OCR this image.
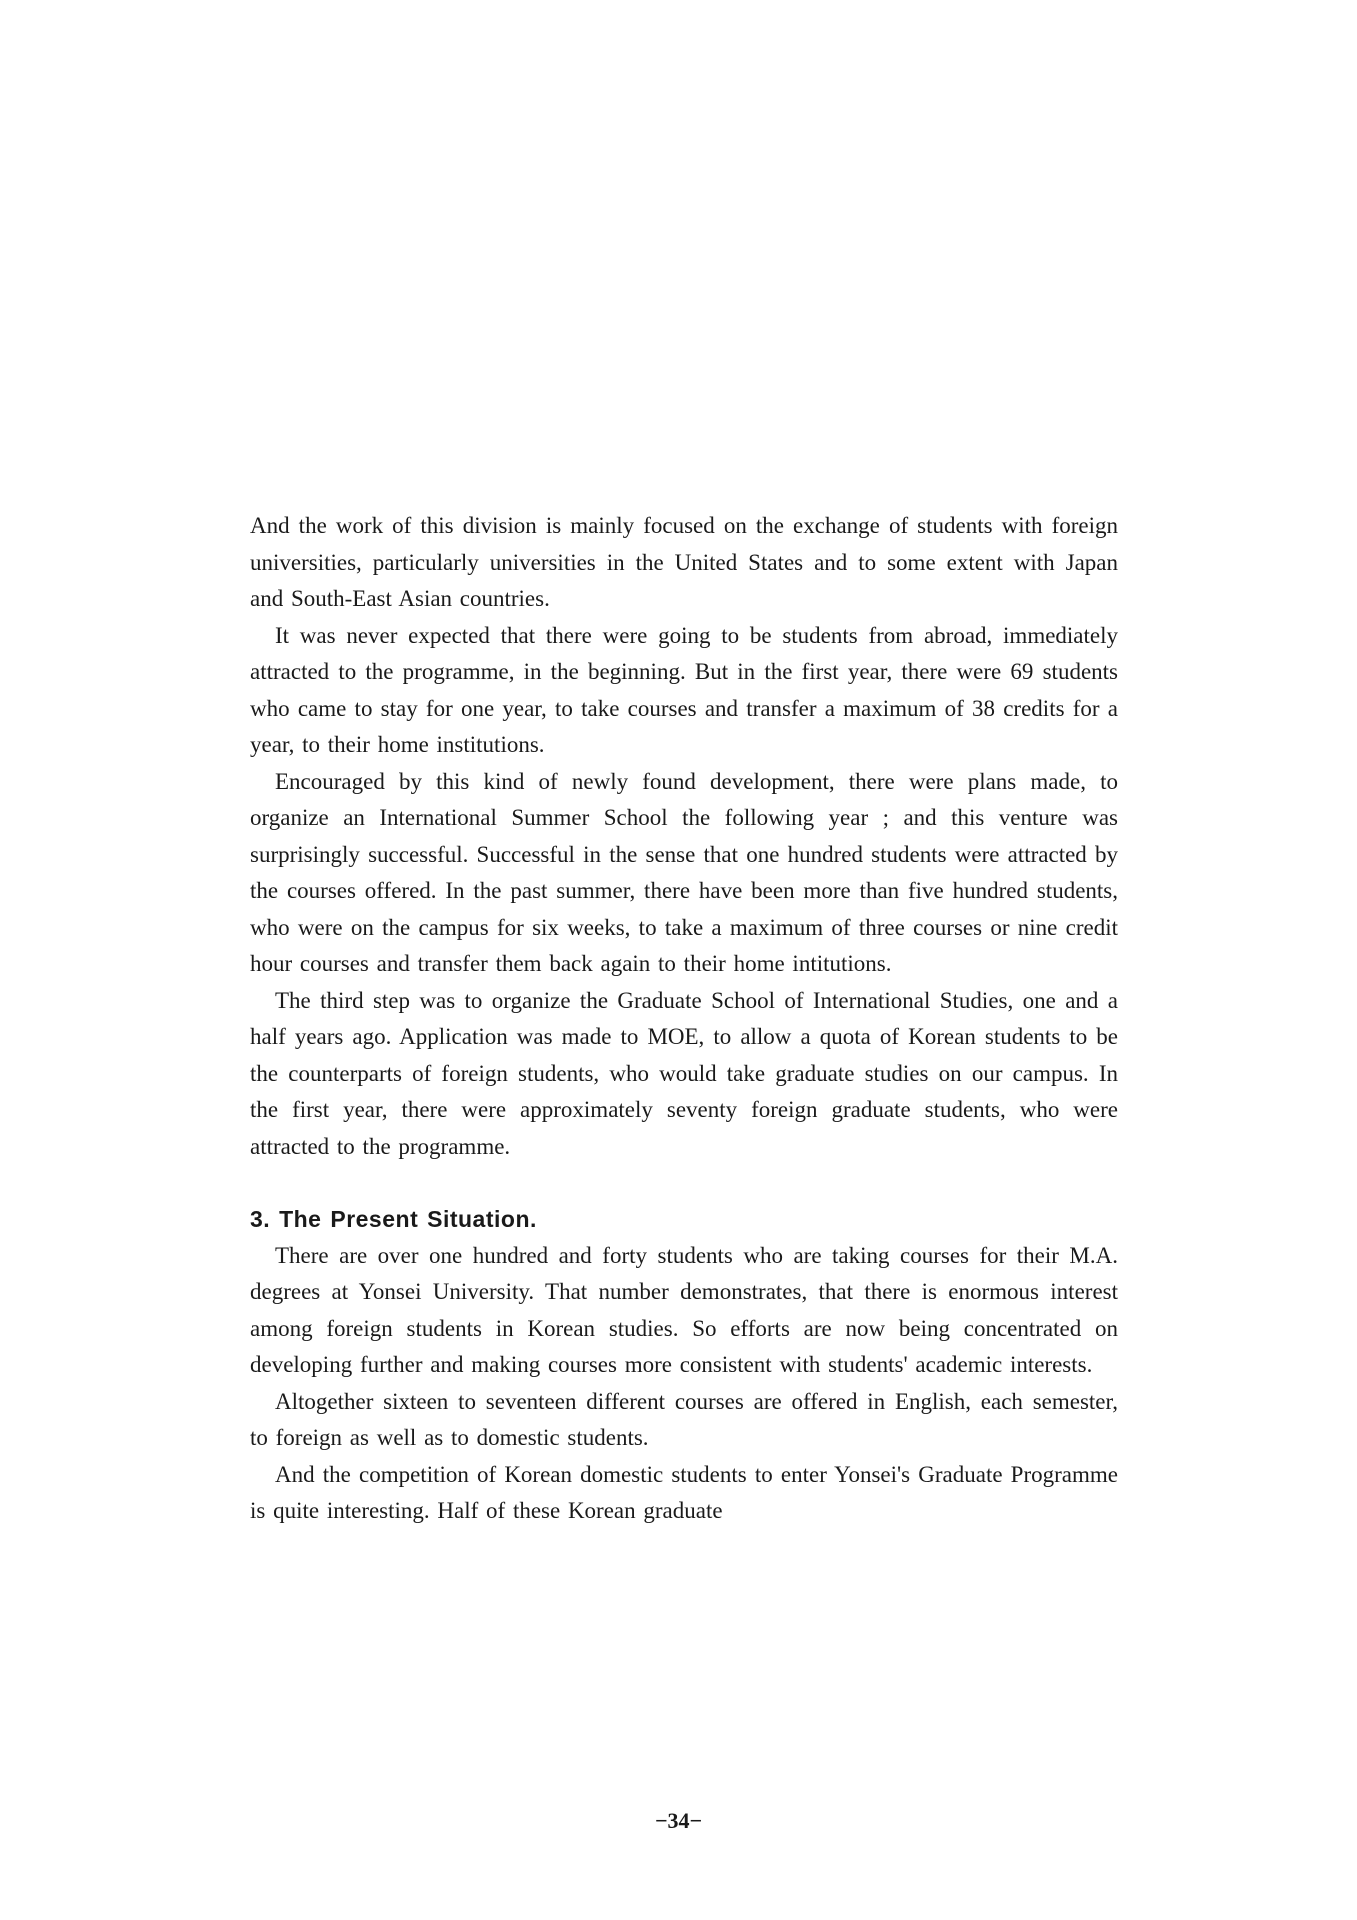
And the work of this division is mainly focused on the exchange of students with foreign universities, particularly universities in the United States and to some extent with Japan and South-East Asian countries.

It was never expected that there were going to be students from abroad, immediately attracted to the programme, in the beginning. But in the first year, there were 69 students who came to stay for one year, to take courses and transfer a maximum of 38 credits for a year, to their home institutions.

Encouraged by this kind of newly found development, there were plans made, to organize an International Summer School the following year ; and this venture was surprisingly successful. Successful in the sense that one hundred students were attracted by the courses offered. In the past summer, there have been more than five hundred students, who were on the campus for six weeks, to take a maximum of three courses or nine credit hour courses and transfer them back again to their home intitutions.

The third step was to organize the Graduate School of International Studies, one and a half years ago. Application was made to MOE, to allow a quota of Korean students to be the counterparts of foreign students, who would take graduate studies on our campus. In the first year, there were approximately seventy foreign graduate students, who were attracted to the programme.

3. The Present Situation.

There are over one hundred and forty students who are taking courses for their M.A. degrees at Yonsei University. That number demonstrates, that there is enormous interest among foreign students in Korean studies. So efforts are now being concentrated on developing further and making courses more consistent with students' academic interests.

Altogether sixteen to seventeen different courses are offered in English, each semester, to foreign as well as to domestic students.

And the competition of Korean domestic students to enter Yonsei's Graduate Programme is quite interesting. Half of these Korean graduate

−34−
